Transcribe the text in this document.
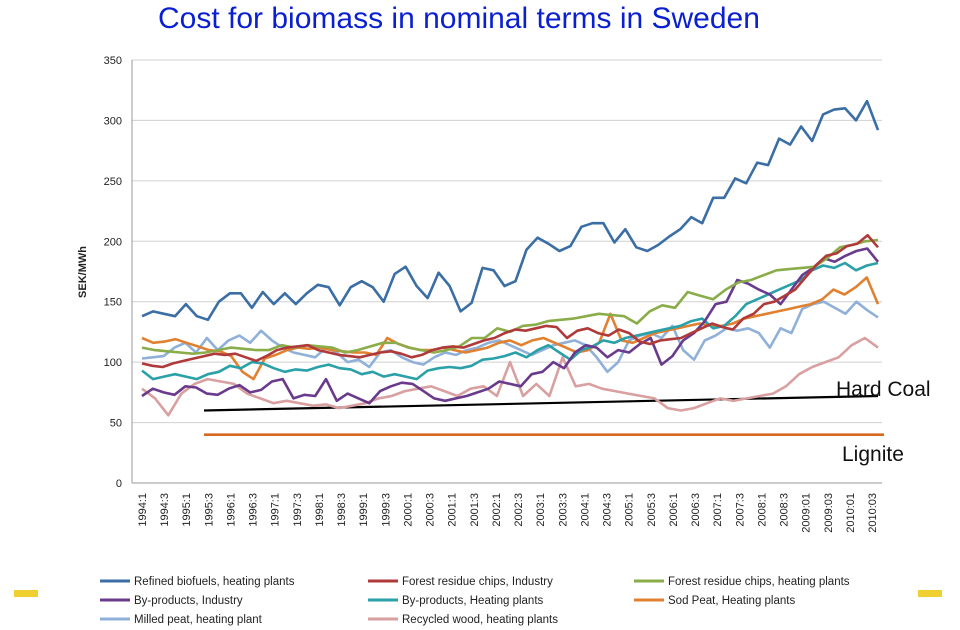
Cost for biomass in nominal terms in Sweden
0
50
100
150
200
250
300
350
1994:1 1994:3 1995:1 1995:3 1996:1 1996:3 1997:1 1997:3 1998:1 1998:3 1999:1 1999:3 2000:1 2000:3 2001:1 2001:3 2002:1 2002:3 2003:1 2003:3 2004:1 2004:3 2005:1 2005:3 2006:1 2006:3 2007:1 2007:3 2008:1 2008:3 2009:01 2009:03 2010:01 2010:03
Refined biofuels, heating plants	Forest residue chips, Industry	Forest residue chips, heating plants
By-products, Industry	By-products, Heating plants	Sod Peat, Heating plants
Milled peat, heating plant	Recycled wood, heating plants
SEK/MWh
Hard Coal
Lignite
